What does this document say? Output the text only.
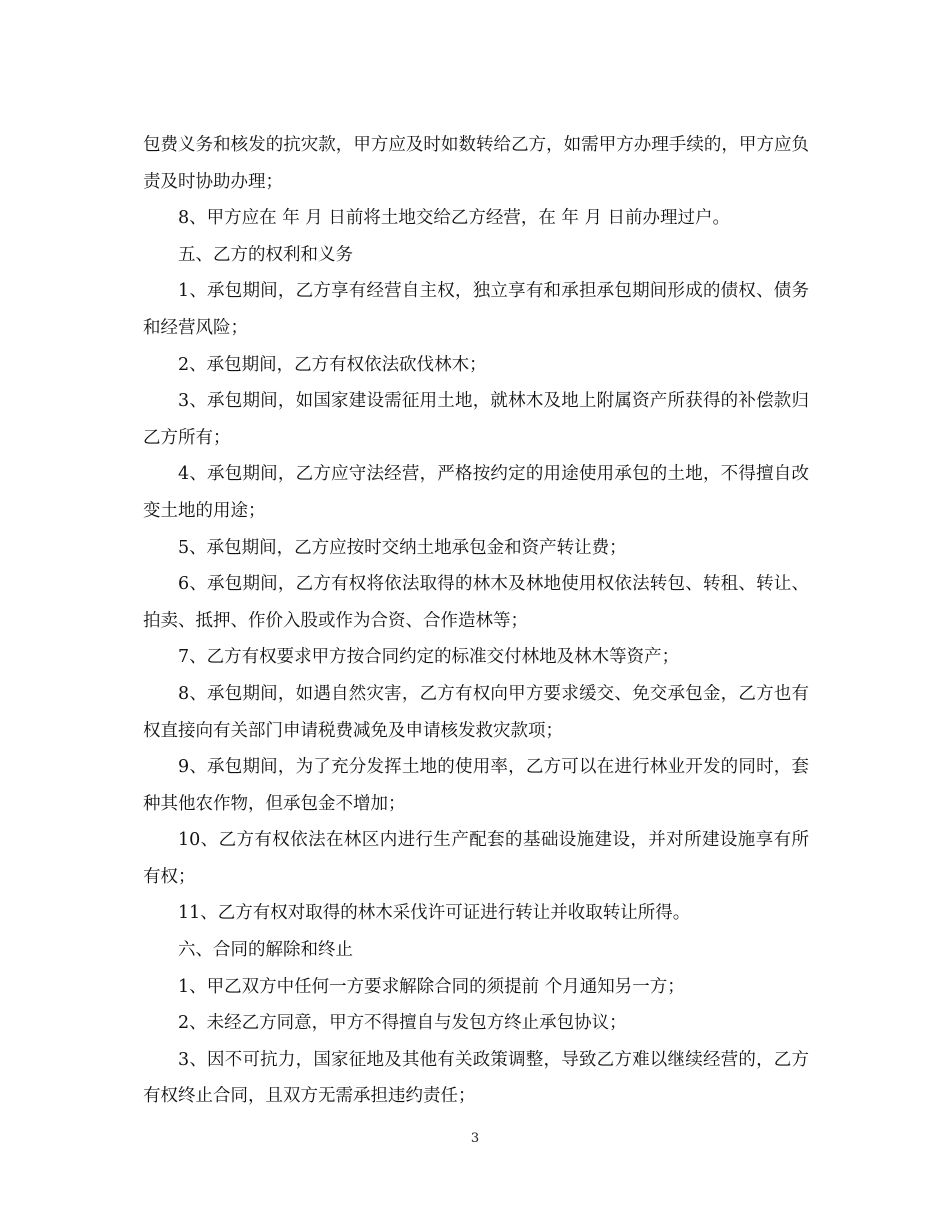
包费义务和核发的抗灾款，甲方应及时如数转给乙方，如需甲方办理手续的，甲方应负责及时协助办理；

8、甲方应在 年 月 日前将土地交给乙方经营，在 年 月 日前办理过户。

五、乙方的权利和义务

1、承包期间，乙方享有经营自主权，独立享有和承担承包期间形成的债权、债务和经营风险；

2、承包期间，乙方有权依法砍伐林木；

3、承包期间，如国家建设需征用土地，就林木及地上附属资产所获得的补偿款归乙方所有；

4、承包期间，乙方应守法经营，严格按约定的用途使用承包的土地，不得擅自改变土地的用途；

5、承包期间，乙方应按时交纳土地承包金和资产转让费；

6、承包期间，乙方有权将依法取得的林木及林地使用权依法转包、转租、转让、拍卖、抵押、作价入股或作为合资、合作造林等；

7、乙方有权要求甲方按合同约定的标准交付林地及林木等资产；

8、承包期间，如遇自然灾害，乙方有权向甲方要求缓交、免交承包金，乙方也有权直接向有关部门申请税费减免及申请核发救灾款项；

9、承包期间，为了充分发挥土地的使用率，乙方可以在进行林业开发的同时，套种其他农作物，但承包金不增加；

10、乙方有权依法在林区内进行生产配套的基础设施建设，并对所建设施享有所有权；

11、乙方有权对取得的林木采伐许可证进行转让并收取转让所得。

六、合同的解除和终止

1、甲乙双方中任何一方要求解除合同的须提前 个月通知另一方；

2、未经乙方同意，甲方不得擅自与发包方终止承包协议；

3、因不可抗力，国家征地及其他有关政策调整，导致乙方难以继续经营的，乙方有权终止合同，且双方无需承担违约责任；

3
